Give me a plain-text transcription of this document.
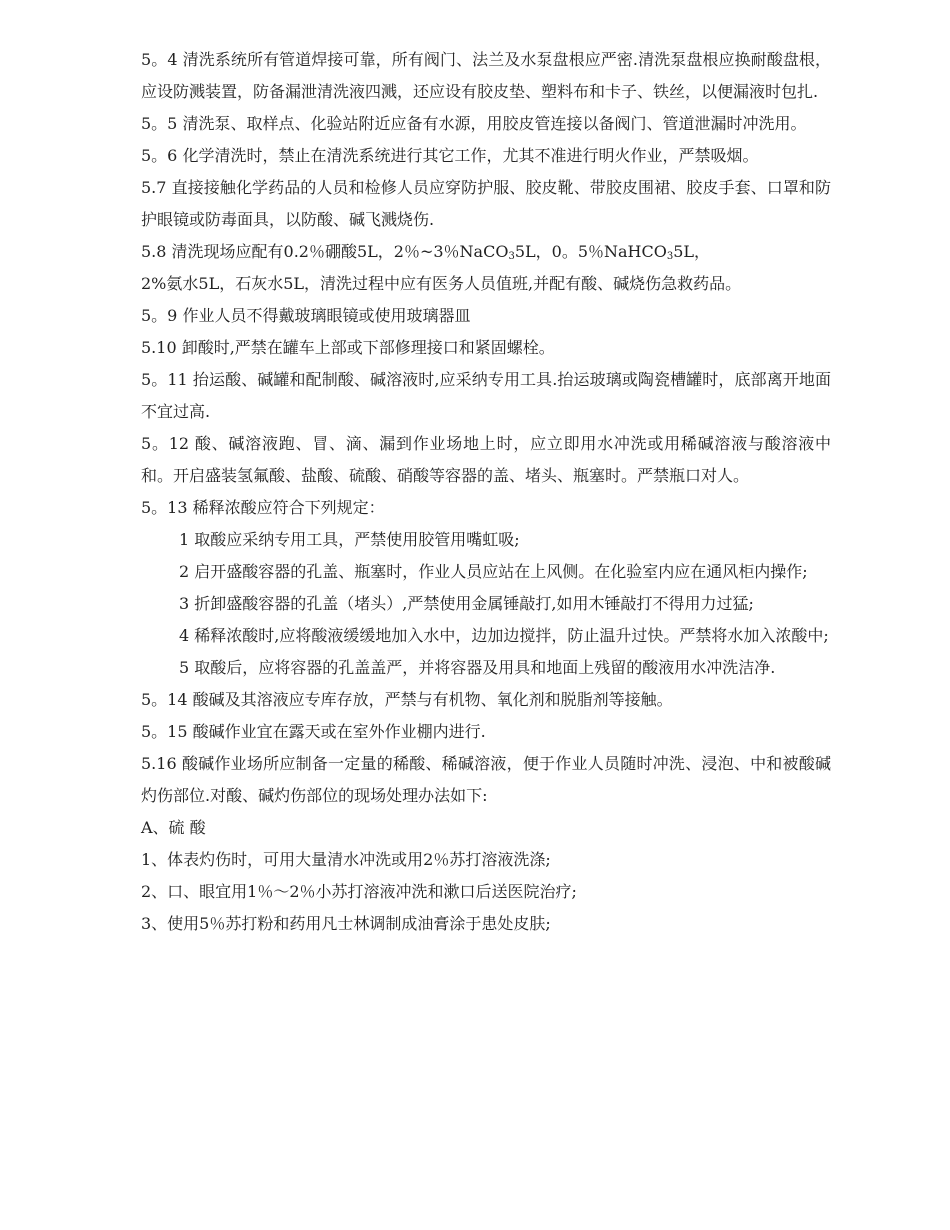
5。4 清洗系统所有管道焊接可靠，所有阀门、法兰及水泵盘根应严密.清洗泵盘根应换耐酸盘根，应设防溅装置，防备漏泄清洗液四溅，还应设有胶皮垫、塑料布和卡子、铁丝，以便漏液时包扎.

5。5 清洗泵、取样点、化验站附近应备有水源，用胶皮管连接以备阀门、管道泄漏时冲洗用。

5。6 化学清洗时，禁止在清洗系统进行其它工作，尤其不准进行明火作业，严禁吸烟。

5.7 直接接触化学药品的人员和检修人员应穿防护服、胶皮靴、带胶皮围裙、胶皮手套、口罩和防护眼镜或防毒面具，以防酸、碱飞溅烧伤.

5.8 清洗现场应配有0.2％硼酸5L，2％~3％NaCO$_3$5L，0。5％NaHCO$_3$5L，

2%氨水5L，石灰水5L，清洗过程中应有医务人员值班,并配有酸、碱烧伤急救药品。

5。9 作业人员不得戴玻璃眼镜或使用玻璃器皿

5.10 卸酸时,严禁在罐车上部或下部修理接口和紧固螺栓。

5。11 抬运酸、碱罐和配制酸、碱溶液时,应采纳专用工具.抬运玻璃或陶瓷槽罐时，底部离开地面不宜过高.

5。12 酸、碱溶液跑、冒、滴、漏到作业场地上时，应立即用水冲洗或用稀碱溶液与酸溶液中和。开启盛装氢氟酸、盐酸、硫酸、硝酸等容器的盖、堵头、瓶塞时。严禁瓶口对人。

5。13 稀释浓酸应符合下列规定：

1 取酸应采纳专用工具，严禁使用胶管用嘴虹吸;

2 启开盛酸容器的孔盖、瓶塞时，作业人员应站在上风侧。在化验室内应在通风柜内操作;

3 折卸盛酸容器的孔盖（堵头）,严禁使用金属锤敲打,如用木锤敲打不得用力过猛;

4 稀释浓酸时,应将酸液缓缓地加入水中，边加边搅拌，防止温升过快。严禁将水加入浓酸中;

5 取酸后，应将容器的孔盖盖严，并将容器及用具和地面上残留的酸液用水冲洗洁净.

5。14 酸碱及其溶液应专库存放，严禁与有机物、氧化剂和脱脂剂等接触。

5。15 酸碱作业宜在露天或在室外作业棚内进行.

5.16 酸碱作业场所应制备一定量的稀酸、稀碱溶液，便于作业人员随时冲洗、浸泡、中和被酸碱灼伤部位.对酸、碱灼伤部位的现场处理办法如下:

A、硫 酸

1、体表灼伤时，可用大量清水冲洗或用2％苏打溶液洗涤;

2、口、眼宜用1％～2％小苏打溶液冲洗和漱口后送医院治疗;

3、使用5％苏打粉和药用凡士林调制成油膏涂于患处皮肤;
